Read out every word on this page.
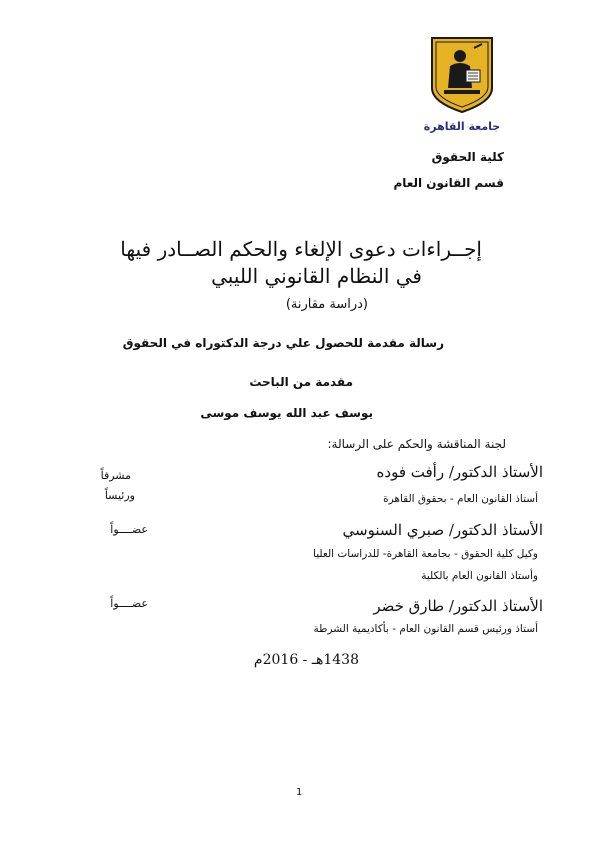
جامعة القاهرة
كلية الحقوق
قسم القانون العام
إجــراءات دعوى الإلغاء والحكم الصــادر فيها
في النظام القانوني الليبي
(دراسة مقارنة)
رسالة مقدمة للحصول علي درجة الدكتوراه في الحقوق
مقدمة من الباحث
يوسف عبد الله يوسف موسى
لجنة المناقشة والحكم على الرسالة:
الأستاذ الدكتور/ رأفت فوده
أستاذ القانون العام - بحقوق القاهرة
مشرفاً
ورئيساً
الأستاذ الدكتور/ صبري السنوسي
وكيل كلية الحقوق - بجامعة القاهرة- للدراسات العليا
وأستاذ القانون العام بالكلية
عضــــواً
الأستاذ الدكتور/ طارق خضر
أستاذ ورئيس قسم القانون العام - بأكاديمية الشرطة
عضــــواً
1438هـ - 2016م
1
